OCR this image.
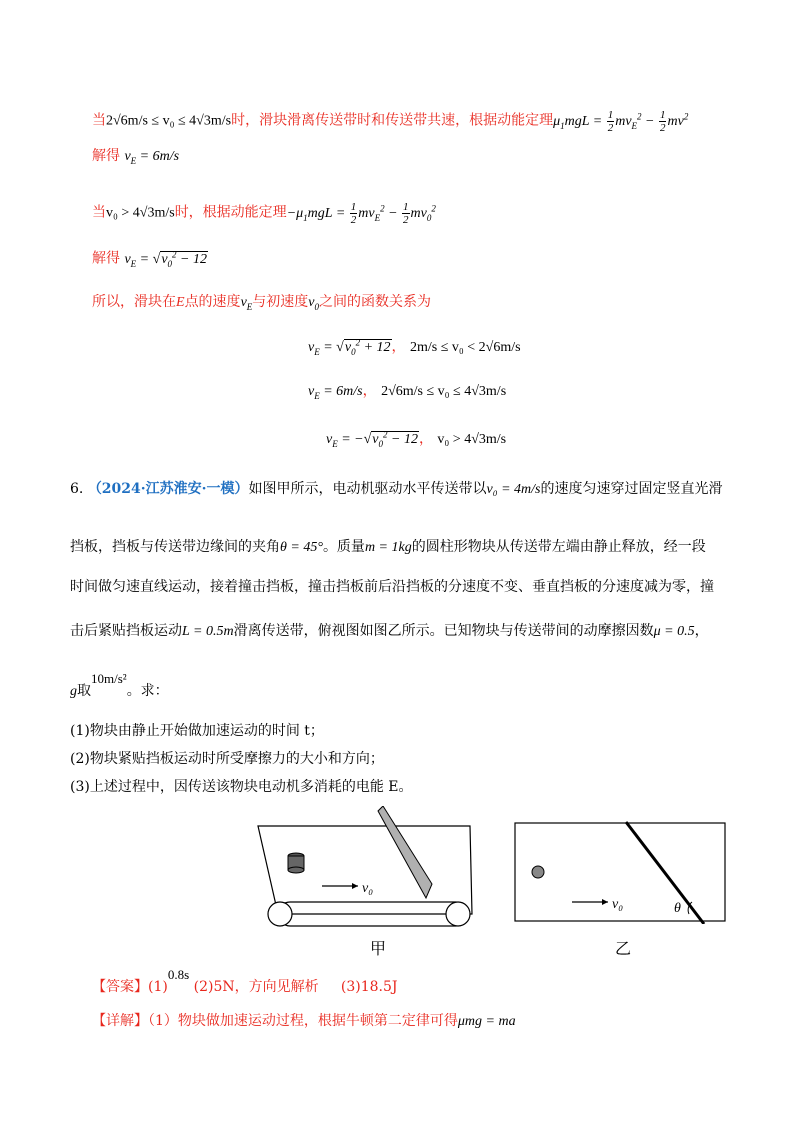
当2√6m/s ≤ v₀ ≤ 4√3m/s时，滑块滑离传送带时和传送带共速，根据动能定理$\mu_1mgL = \frac{1}{2} mv_E^2 - \frac{1}{2} mv^2$
解得 $v_E = 6m/s$
当v₀ > 4√3m/s时，根据动能定理$-\mu_1mgL = \frac{1}{2} mv_E^2 - \frac{1}{2} mv_0^2$
解得 $v_E = √v_0^2 - 12$
所以，滑块在E点的速度$v_E$与初速度$v_0$之间的函数关系为
$v_E = √v_0^2 + 12$， 2m/s ≤ v₀ < 2√6m/s
$v_E = 6m/s$， 2√6m/s ≤ v₀ ≤ 4√3m/s
$v_E = -√v_0^2 - 12$， v₀ > 4√3m/s
6. （2024·江苏淮安·一模）如图甲所示，电动机驱动水平传送带以v₀ = 4m/s的速度匀速穿过固定竖直光滑
挡板，挡板与传送带边缘间的夹角θ = 45°。质量m = 1kg的圆柱形物块从传送带左端由静止释放，经一段
时间做匀速直线运动，接着撞击挡板，撞击挡板前后沿挡板的分速度不变、垂直挡板的分速度减为零，撞
击后紧贴挡板运动L = 0.5m滑离传送带，俯视图如图乙所示。已知物块与传送带间的动摩擦因数μ = 0.5，
g取10m/s²。求：
(1)物块由静止开始做加速运动的时间 t；
(2)物块紧贴挡板运动时所受摩擦力的大小和方向；
(3)上述过程中，因传送该物块电动机多消耗的电能 E。
v₀
甲
v₀	θ
乙
【答案】(1)0.8s (2)5N，方向见解析 (3)18.5J
【详解】（1）物块做加速运动过程，根据牛顿第二定律可得μmg = ma
